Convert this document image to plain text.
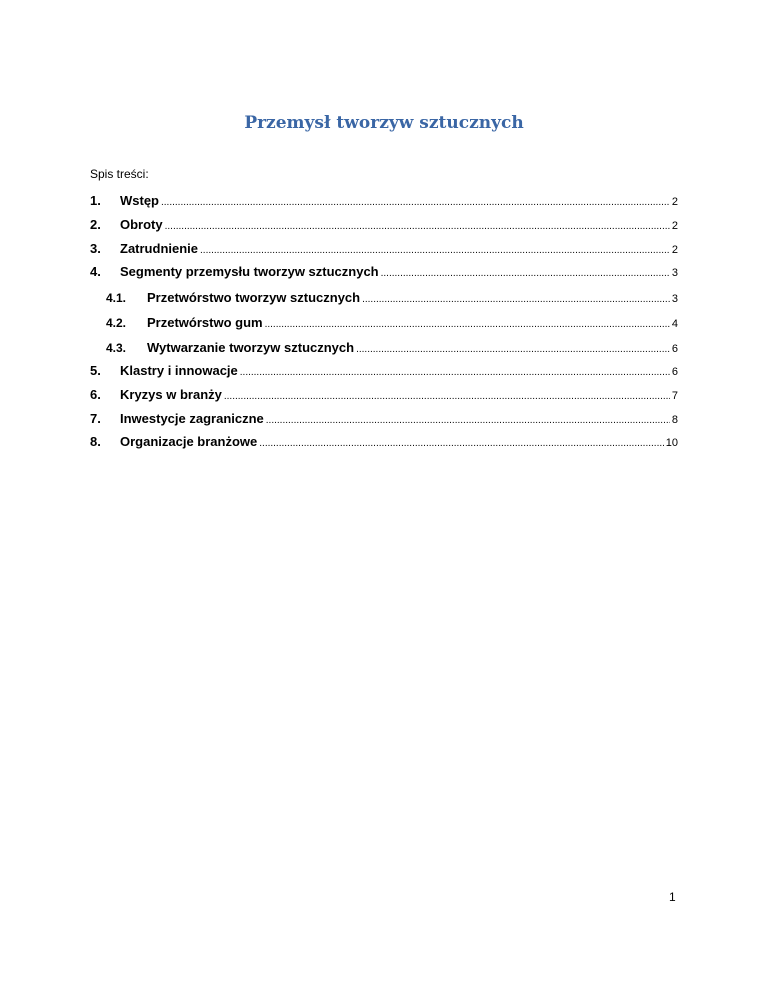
Przemysł tworzyw sztucznych
Spis treści:
1.	Wstęp .....	2
2.	Obroty .....	2
3.	Zatrudnienie .....	2
4.	Segmenty przemysłu tworzyw sztucznych .....	3
4.1.	Przetwórstwo tworzyw sztucznych .....	3
4.2.	Przetwórstwo gum .....	4
4.3.	Wytwarzanie tworzyw sztucznych .....	6
5.	Klastry i innowacje .....	6
6.	Kryzys w branży .....	7
7.	Inwestycje zagraniczne .....	8
8.	Organizacje branżowe .....	10
1
